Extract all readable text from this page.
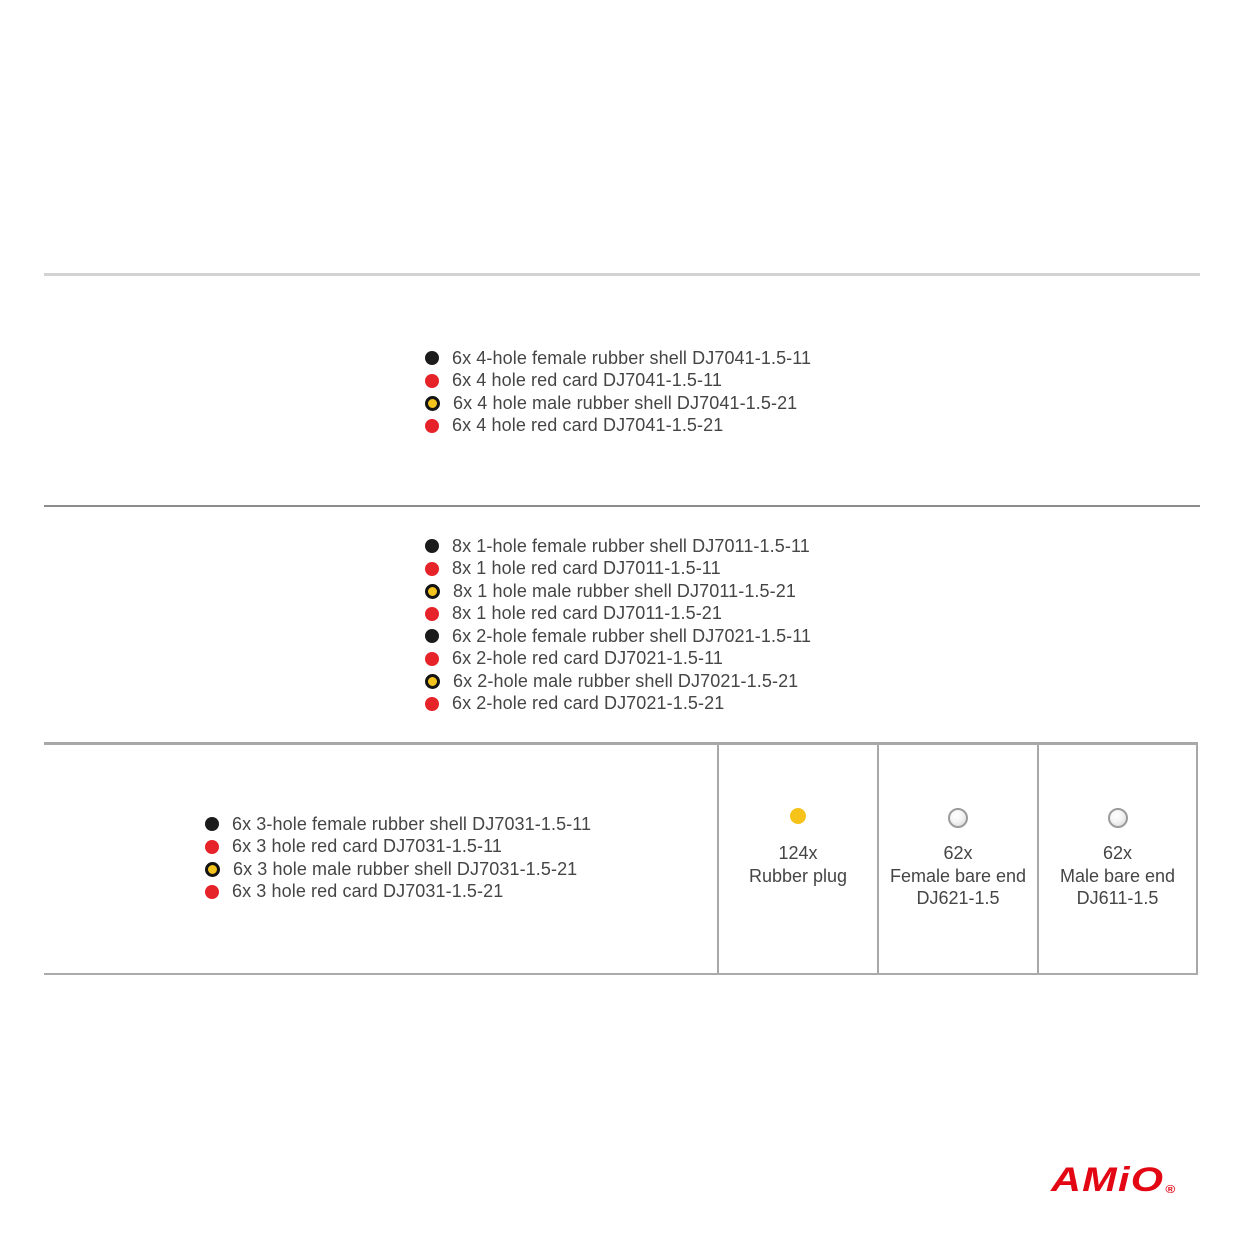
6x 4-hole female rubber shell DJ7041-1.5-11
6x 4 hole red card DJ7041-1.5-11
6x 4 hole male rubber shell DJ7041-1.5-21
6x 4 hole red card DJ7041-1.5-21
8x 1-hole female rubber shell DJ7011-1.5-11
8x 1 hole red card DJ7011-1.5-11
8x 1 hole male rubber shell DJ7011-1.5-21
8x 1 hole red card DJ7011-1.5-21
6x 2-hole female rubber shell DJ7021-1.5-11
6x 2-hole red card DJ7021-1.5-11
6x 2-hole male rubber shell DJ7021-1.5-21
6x 2-hole red card DJ7021-1.5-21
6x 3-hole female rubber shell DJ7031-1.5-11
6x 3 hole red card DJ7031-1.5-11
6x 3 hole male rubber shell DJ7031-1.5-21
6x 3 hole red card DJ7031-1.5-21
124x
Rubber plug
62x
Female bare end
DJ621-1.5
62x
Male bare end
DJ611-1.5
AMiO®
